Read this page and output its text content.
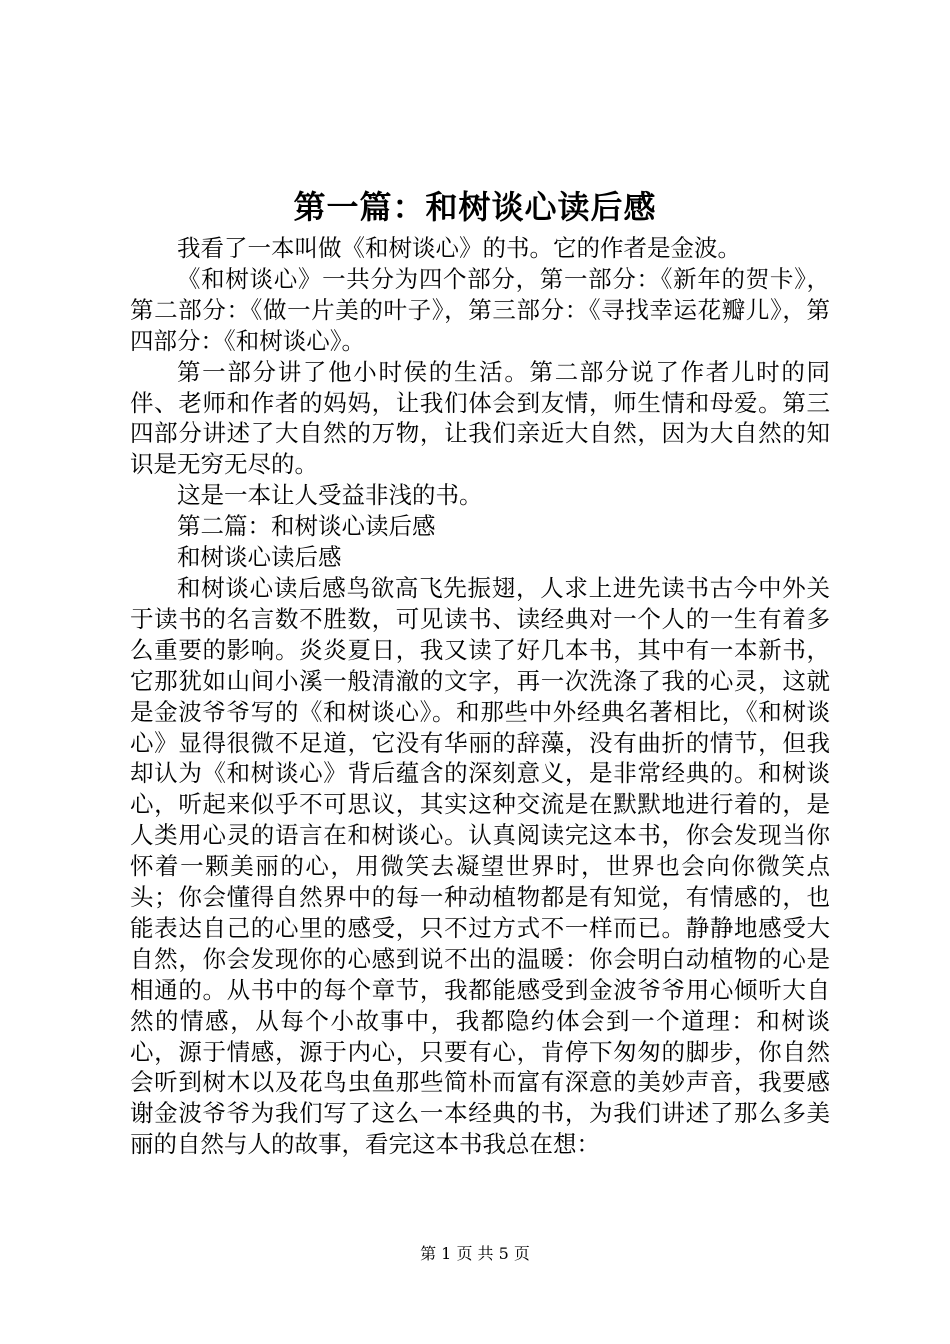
第一篇：和树谈心读后感

我看了一本叫做《和树谈心》的书。它的作者是金波。

《和树谈心》一共分为四个部分，第一部分：《新年的贺卡》，第二部分：《做一片美的叶子》，第三部分：《寻找幸运花瓣儿》，第四部分：《和树谈心》。

第一部分讲了他小时侯的生活。第二部分说了作者儿时的同伴、老师和作者的妈妈，让我们体会到友情，师生情和母爱。第三四部分讲述了大自然的万物，让我们亲近大自然，因为大自然的知识是无穷无尽的。

这是一本让人受益非浅的书。

第二篇：和树谈心读后感

和树谈心读后感

和树谈心读后感鸟欲高飞先振翅，人求上进先读书古今中外关于读书的名言数不胜数，可见读书、读经典对一个人的一生有着多么重要的影响。炎炎夏日，我又读了好几本书，其中有一本新书，它那犹如山间小溪一般清澈的文字，再一次洗涤了我的心灵，这就是金波爷爷写的《和树谈心》。和那些中外经典名著相比，《和树谈心》显得很微不足道，它没有华丽的辞藻，没有曲折的情节，但我却认为《和树谈心》背后蕴含的深刻意义，是非常经典的。和树谈心，听起来似乎不可思议，其实这种交流是在默默地进行着的，是人类用心灵的语言在和树谈心。认真阅读完这本书，你会发现当你怀着一颗美丽的心，用微笑去凝望世界时，世界也会向你微笑点头；你会懂得自然界中的每一种动植物都是有知觉，有情感的，也能表达自己的心里的感受，只不过方式不一样而已。静静地感受大自然，你会发现你的心感到说不出的温暖：你会明白动植物的心是相通的。从书中的每个章节，我都能感受到金波爷爷用心倾听大自然的情感，从每个小故事中，我都隐约体会到一个道理：和树谈心，源于情感，源于内心，只要有心，肯停下匆匆的脚步，你自然会听到树木以及花鸟虫鱼那些简朴而富有深意的美妙声音，我要感谢金波爷爷为我们写了这么一本经典的书，为我们讲述了那么多美丽的自然与人的故事，看完这本书我总在想：

第 1 页 共 5 页
